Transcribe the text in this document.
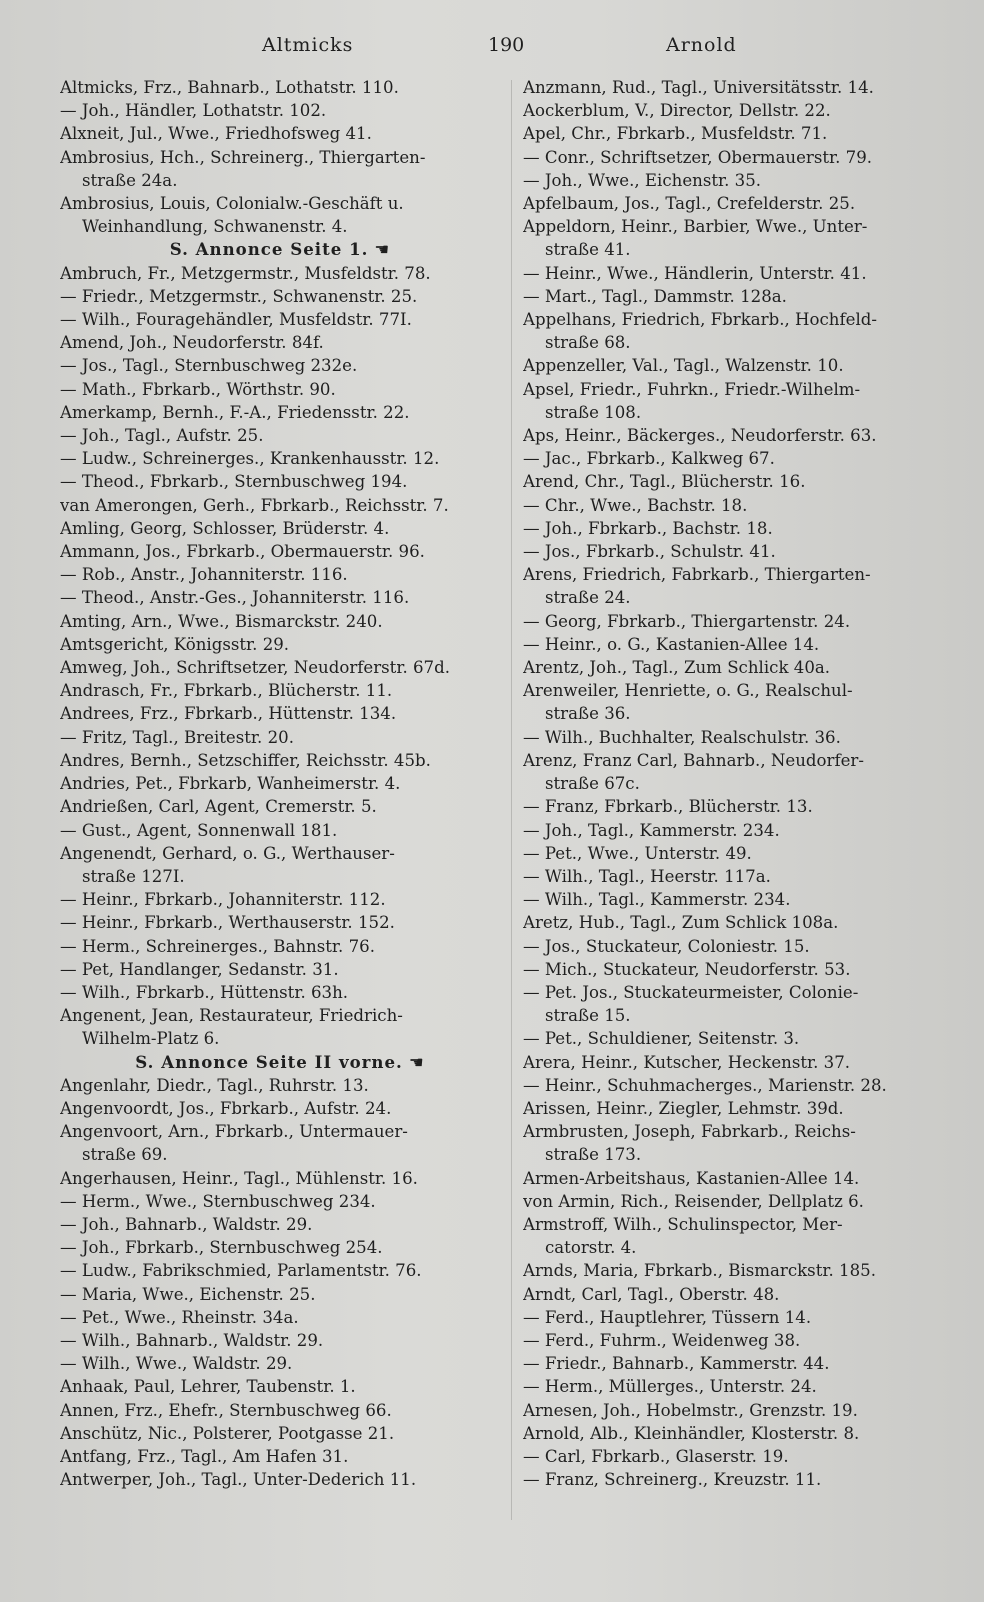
Altmicks	190	Arnold
Altmicks, Frz., Bahnarb., Lothatstr. 110.
— Joh., Händler, Lothatstr. 102.
Alxneit, Jul., Wwe., Friedhofsweg 41.
Ambrosius, Hch., Schreinerg., Thiergarten-
straße 24a.
Ambrosius, Louis, Colonialw.-Geschäft u.
Weinhandlung, Schwanenstr. 4.
S. Annonce Seite 1. ☚
Ambruch, Fr., Metzgermstr., Musfeldstr. 78.
— Friedr., Metzgermstr., Schwanenstr. 25.
— Wilh., Fouragehändler, Musfeldstr. 77I.
Amend, Joh., Neudorferstr. 84f.
— Jos., Tagl., Sternbuschweg 232e.
— Math., Fbrkarb., Wörthstr. 90.
Amerkamp, Bernh., F.-A., Friedensstr. 22.
— Joh., Tagl., Aufstr. 25.
— Ludw., Schreinerges., Krankenhausstr. 12.
— Theod., Fbrkarb., Sternbuschweg 194.
van Amerongen, Gerh., Fbrkarb., Reichsstr. 7.
Amling, Georg, Schlosser, Brüderstr. 4.
Ammann, Jos., Fbrkarb., Obermauerstr. 96.
— Rob., Anstr., Johanniterstr. 116.
— Theod., Anstr.-Ges., Johanniterstr. 116.
Amting, Arn., Wwe., Bismarckstr. 240.
Amtsgericht, Königsstr. 29.
Amweg, Joh., Schriftsetzer, Neudorferstr. 67d.
Andrasch, Fr., Fbrkarb., Blücherstr. 11.
Andrees, Frz., Fbrkarb., Hüttenstr. 134.
— Fritz, Tagl., Breitestr. 20.
Andres, Bernh., Setzschiffer, Reichsstr. 45b.
Andries, Pet., Fbrkarb, Wanheimerstr. 4.
Andrießen, Carl, Agent, Cremerstr. 5.
— Gust., Agent, Sonnenwall 181.
Angenendt, Gerhard, o. G., Werthauser-
straße 127I.
— Heinr., Fbrkarb., Johanniterstr. 112.
— Heinr., Fbrkarb., Werthauserstr. 152.
— Herm., Schreinerges., Bahnstr. 76.
— Pet, Handlanger, Sedanstr. 31.
— Wilh., Fbrkarb., Hüttenstr. 63h.
Angenent, Jean, Restaurateur, Friedrich-
Wilhelm-Platz 6.
S. Annonce Seite II vorne. ☚
Angenlahr, Diedr., Tagl., Ruhrstr. 13.
Angenvoordt, Jos., Fbrkarb., Aufstr. 24.
Angenvoort, Arn., Fbrkarb., Untermauer-
straße 69.
Angerhausen, Heinr., Tagl., Mühlenstr. 16.
— Herm., Wwe., Sternbuschweg 234.
— Joh., Bahnarb., Waldstr. 29.
— Joh., Fbrkarb., Sternbuschweg 254.
— Ludw., Fabrikschmied, Parlamentstr. 76.
— Maria, Wwe., Eichenstr. 25.
— Pet., Wwe., Rheinstr. 34a.
— Wilh., Bahnarb., Waldstr. 29.
— Wilh., Wwe., Waldstr. 29.
Anhaak, Paul, Lehrer, Taubenstr. 1.
Annen, Frz., Ehefr., Sternbuschweg 66.
Anschütz, Nic., Polsterer, Pootgasse 21.
Antfang, Frz., Tagl., Am Hafen 31.
Antwerper, Joh., Tagl., Unter-Dederich 11.
Anzmann, Rud., Tagl., Universitätsstr. 14.
Aockerblum, V., Director, Dellstr. 22.
Apel, Chr., Fbrkarb., Musfeldstr. 71.
— Conr., Schriftsetzer, Obermauerstr. 79.
— Joh., Wwe., Eichenstr. 35.
Apfelbaum, Jos., Tagl., Crefelderstr. 25.
Appeldorn, Heinr., Barbier, Wwe., Unter-
straße 41.
— Heinr., Wwe., Händlerin, Unterstr. 41.
— Mart., Tagl., Dammstr. 128a.
Appelhans, Friedrich, Fbrkarb., Hochfeld-
straße 68.
Appenzeller, Val., Tagl., Walzenstr. 10.
Apsel, Friedr., Fuhrkn., Friedr.-Wilhelm-
straße 108.
Aps, Heinr., Bäckerges., Neudorferstr. 63.
— Jac., Fbrkarb., Kalkweg 67.
Arend, Chr., Tagl., Blücherstr. 16.
— Chr., Wwe., Bachstr. 18.
— Joh., Fbrkarb., Bachstr. 18.
— Jos., Fbrkarb., Schulstr. 41.
Arens, Friedrich, Fabrkarb., Thiergarten-
straße 24.
— Georg, Fbrkarb., Thiergartenstr. 24.
— Heinr., o. G., Kastanien-Allee 14.
Arentz, Joh., Tagl., Zum Schlick 40a.
Arenweiler, Henriette, o. G., Realschul-
straße 36.
— Wilh., Buchhalter, Realschulstr. 36.
Arenz, Franz Carl, Bahnarb., Neudorfer-
straße 67c.
— Franz, Fbrkarb., Blücherstr. 13.
— Joh., Tagl., Kammerstr. 234.
— Pet., Wwe., Unterstr. 49.
— Wilh., Tagl., Heerstr. 117a.
— Wilh., Tagl., Kammerstr. 234.
Aretz, Hub., Tagl., Zum Schlick 108a.
— Jos., Stuckateur, Coloniestr. 15.
— Mich., Stuckateur, Neudorferstr. 53.
— Pet. Jos., Stuckateurmeister, Colonie-
straße 15.
— Pet., Schuldiener, Seitenstr. 3.
Arera, Heinr., Kutscher, Heckenstr. 37.
— Heinr., Schuhmacherges., Marienstr. 28.
Arissen, Heinr., Ziegler, Lehmstr. 39d.
Armbrusten, Joseph, Fabrkarb., Reichs-
straße 173.
Armen-Arbeitshaus, Kastanien-Allee 14.
von Armin, Rich., Reisender, Dellplatz 6.
Armstroff, Wilh., Schulinspector, Mer-
catorstr. 4.
Arnds, Maria, Fbrkarb., Bismarckstr. 185.
Arndt, Carl, Tagl., Oberstr. 48.
— Ferd., Hauptlehrer, Tüssern 14.
— Ferd., Fuhrm., Weidenweg 38.
— Friedr., Bahnarb., Kammerstr. 44.
— Herm., Müllerges., Unterstr. 24.
Arnesen, Joh., Hobelmstr., Grenzstr. 19.
Arnold, Alb., Kleinhändler, Klosterstr. 8.
— Carl, Fbrkarb., Glaserstr. 19.
— Franz, Schreinerg., Kreuzstr. 11.
